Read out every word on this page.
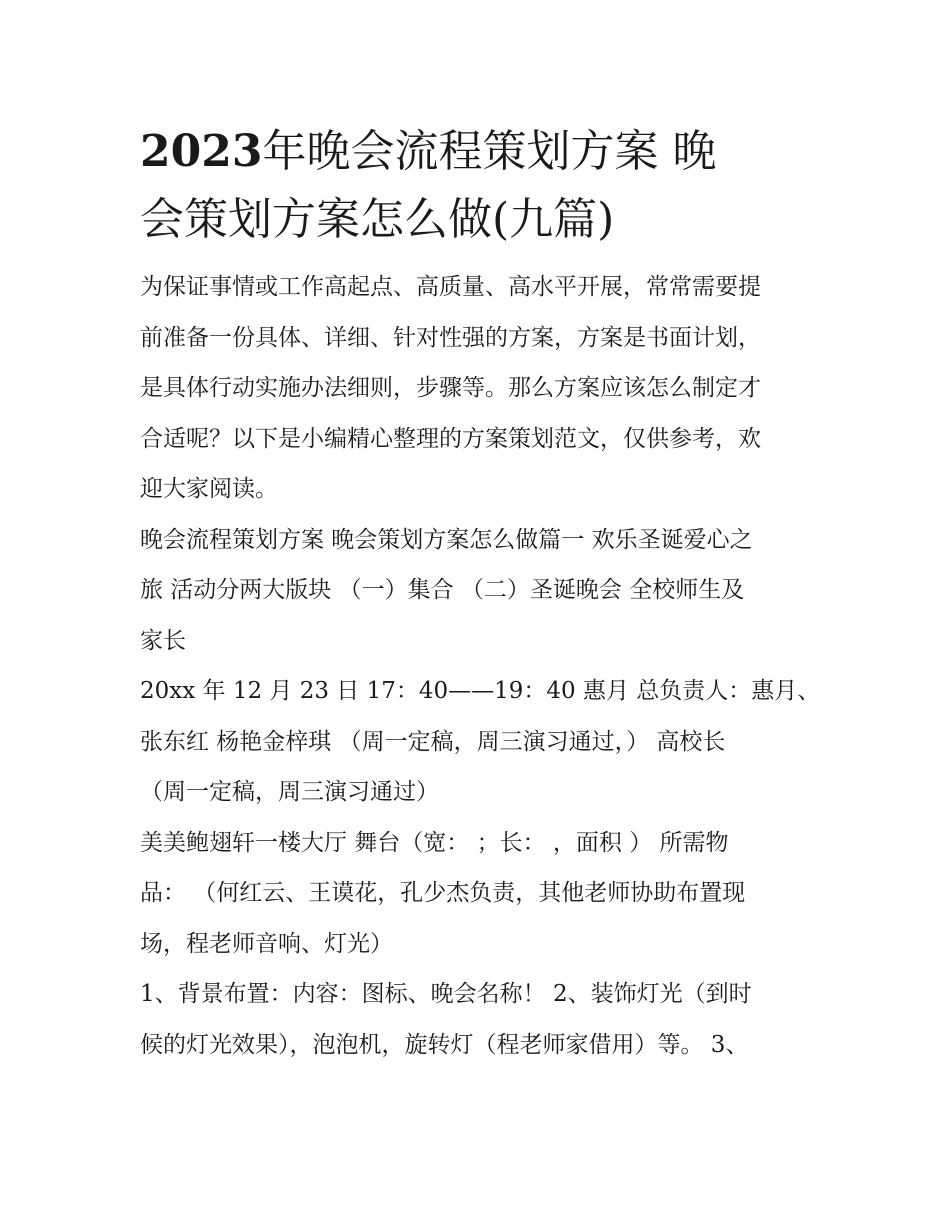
2023年晚会流程策划方案 晚
会策划方案怎么做(九篇)

为保证事情或工作高起点、高质量、高水平开展，常常需要提
前准备一份具体、详细、针对性强的方案，方案是书面计划，
是具体行动实施办法细则，步骤等。那么方案应该怎么制定才
合适呢？以下是小编精心整理的方案策划范文，仅供参考，欢
迎大家阅读。

晚会流程策划方案 晚会策划方案怎么做篇一 欢乐圣诞爱心之
旅 活动分两大版块 （一）集合 （二）圣诞晚会 全校师生及
家长

20xx 年 12 月 23 日 17：40——19：40 惠月 总负责人：惠月、
张东红 杨艳金梓琪 （周一定稿，周三演习通过，） 高校长
（周一定稿，周三演习通过）

美美鲍翅轩一楼大厅 舞台（宽： ；长： ，面积 ） 所需物
品： （何红云、王谟花，孔少杰负责，其他老师协助布置现
场，程老师音响、灯光）

1、背景布置：内容：图标、晚会名称！ 2、装饰灯光（到时
候的灯光效果），泡泡机，旋转灯（程老师家借用）等。 3、
